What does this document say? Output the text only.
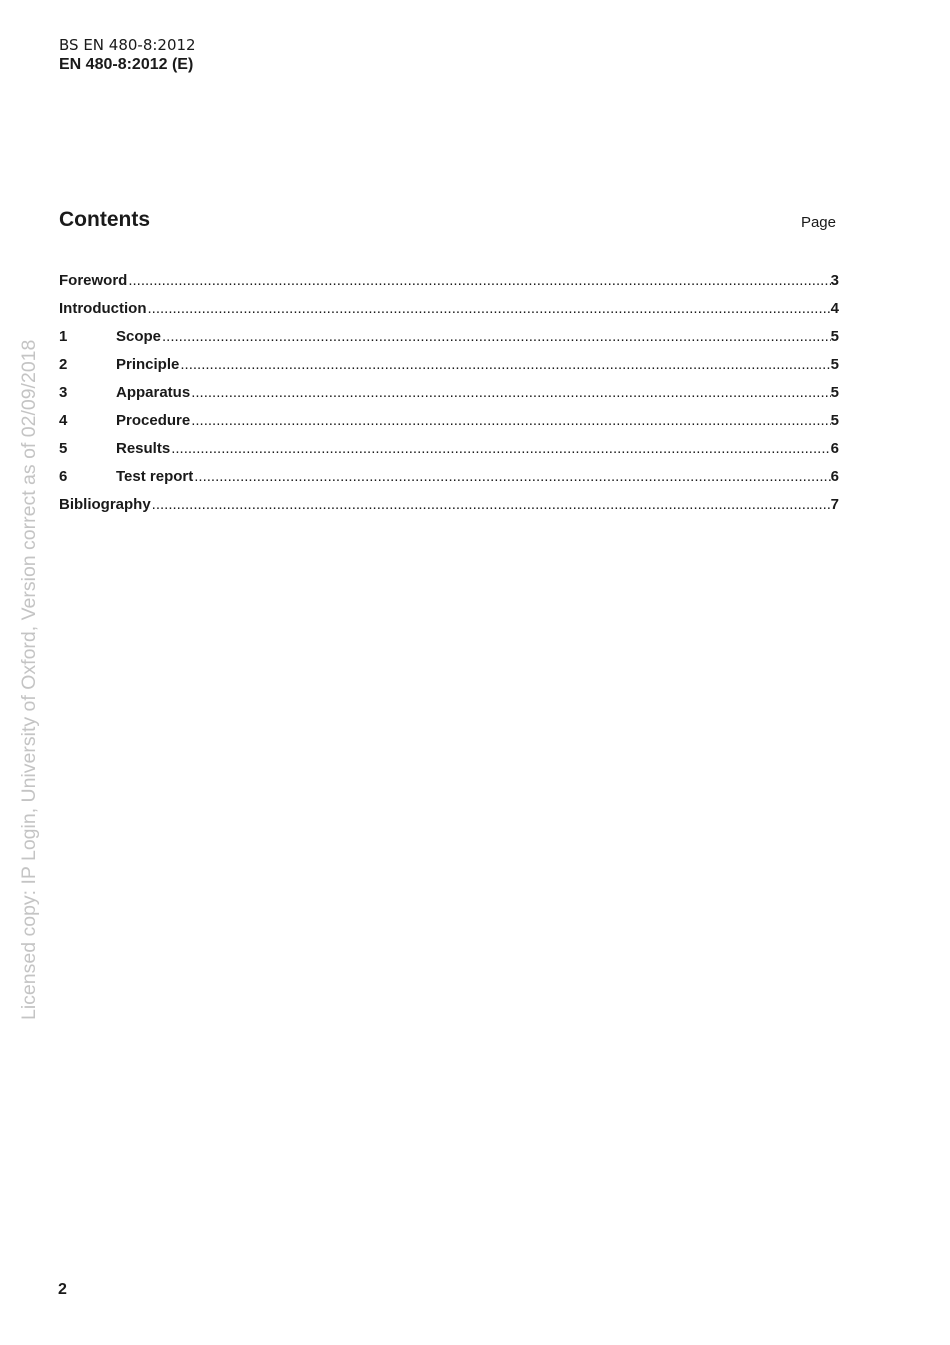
BS EN 480-8:2012
EN 480-8:2012 (E)
Contents	Page
Foreword .....	3
Introduction .....	4
1	Scope .....	5
2	Principle .....	5
3	Apparatus .....	5
4	Procedure .....	5
5	Results .....	6
6	Test report .....	6
Bibliography .....	7
Licensed copy: IP Login, University of Oxford, Version correct as of 02/09/2018
2
